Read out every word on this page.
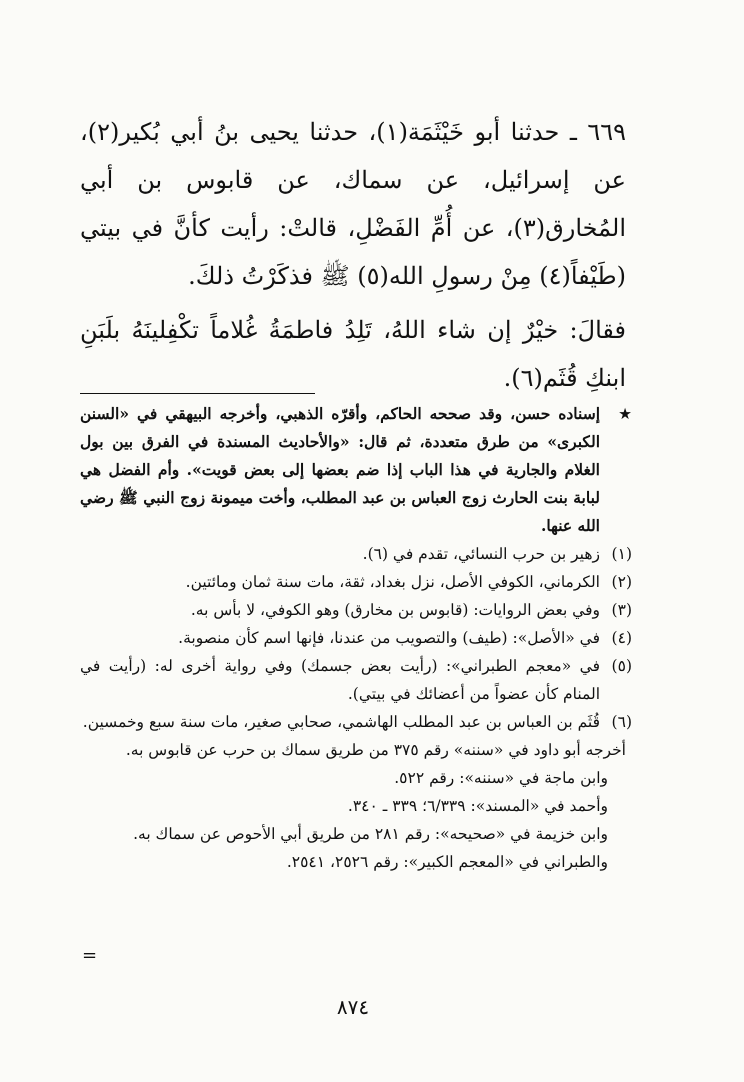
٦٦٩ ـ حدثنا أبو خَيْثَمَة(١)، حدثنا يحيى بنُ أبي بُكير(٢)، عن إسرائيل، عن سماك، عن قابوس بن أبي المُخارق(٣)، عن أُمِّ الفَضْلِ، قالتْ: رأيت كأنَّ في بيتي (طَيْفاً(٤) مِنْ رسولِ الله(٥) ﷺ فذكَرْتُ ذلكَ.

فقالَ: خيْرٌ إن شاء اللهُ، تَلِدُ فاطمَةُ غُلاماً تكْفِلينَهُ بلَبَنِ ابنكِ قُثَم(٦).

★
إسناده حسن، وقد صححه الحاكم، وأقرّه الذهبي، وأخرجه البيهقي في «السنن الكبرى» من طرق متعددة، ثم قال: «والأحاديث المسندة في الفرق بين بول الغلام والجارية في هذا الباب إذا ضم بعضها إلى بعض قويت». وأم الفضل هي لبابة بنت الحارث زوج العباس بن عبد المطلب، وأخت ميمونة زوج النبي ﷺ رضي الله عنها.
(١)
زهير بن حرب النسائي، تقدم في (٦).
(٢)
الكرماني، الكوفي الأصل، نزل بغداد، ثقة، مات سنة ثمان ومائتين.
(٣)
وفي بعض الروايات: (قابوس بن مخارق) وهو الكوفي، لا بأس به.
(٤)
في «الأصل»: (طيف) والتصويب من عندنا، فإنها اسم كأن منصوبة.
(٥)
في «معجم الطبراني»: (رأيت بعض جسمك) وفي رواية أخرى له: (رأيت في المنام كأن عضواً من أعضائك في بيتي).
(٦)
قُثَم بن العباس بن عبد المطلب الهاشمي، صحابي صغير، مات سنة سبع وخمسين.

أخرجه أبو داود في «سننه» رقم ٣٧٥ من طريق سماك بن حرب عن قابوس به.

وابن ماجة في «سننه»: رقم ٥٢٢.

وأحمد في «المسند»: ٦/٣٣٩؛ ٣٣٩ ـ ٣٤٠.

وابن خزيمة في «صحيحه»: رقم ٢٨١ من طريق أبي الأحوص عن سماك به.

والطبراني في «المعجم الكبير»: رقم ٢٥٢٦، ٢٥٤١.

٨٧٤
=
